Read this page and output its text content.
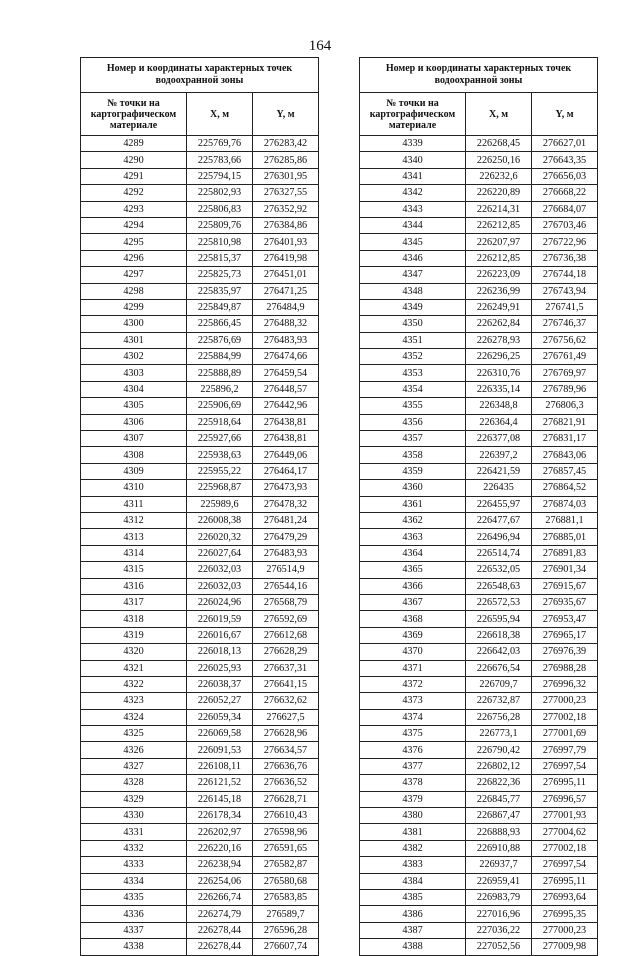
164
Номер и координаты характерных точек водоохранной зоны		
№ точки на картографическом материале	X, м	Y, м
4289	225769,76	276283,42
4290	225783,66	276285,86
4291	225794,15	276301,95
4292	225802,93	276327,55
4293	225806,83	276352,92
4294	225809,76	276384,86
4295	225810,98	276401,93
4296	225815,37	276419,98
4297	225825,73	276451,01
4298	225835,97	276471,25
4299	225849,87	276484,9
4300	225866,45	276488,32
4301	225876,69	276483,93
4302	225884,99	276474,66
4303	225888,89	276459,54
4304	225896,2	276448,57
4305	225906,69	276442,96
4306	225918,64	276438,81
4307	225927,66	276438,81
4308	225938,63	276449,06
4309	225955,22	276464,17
4310	225968,87	276473,93
4311	225989,6	276478,32
4312	226008,38	276481,24
4313	226020,32	276479,29
4314	226027,64	276483,93
4315	226032,03	276514,9
4316	226032,03	276544,16
4317	226024,96	276568,79
4318	226019,59	276592,69
4319	226016,67	276612,68
4320	226018,13	276628,29
4321	226025,93	276637,31
4322	226038,37	276641,15
4323	226052,27	276632,62
4324	226059,34	276627,5
4325	226069,58	276628,96
4326	226091,53	276634,57
4327	226108,11	276636,76
4328	226121,52	276636,52
4329	226145,18	276628,71
4330	226178,34	276610,43
4331	226202,97	276598,96
4332	226220,16	276591,65
4333	226238,94	276582,87
4334	226254,06	276580,68
4335	226266,74	276583,85
4336	226274,79	276589,7
4337	226278,44	276596,28
4338	226278,44	276607,74
Номер и координаты характерных точек водоохранной зоны		
№ точки на картографическом материале	X, м	Y, м
4339	226268,45	276627,01
4340	226250,16	276643,35
4341	226232,6	276656,03
4342	226220,89	276668,22
4343	226214,31	276684,07
4344	226212,85	276703,46
4345	226207,97	276722,96
4346	226212,85	276736,38
4347	226223,09	276744,18
4348	226236,99	276743,94
4349	226249,91	276741,5
4350	226262,84	276746,37
4351	226278,93	276756,62
4352	226296,25	276761,49
4353	226310,76	276769,97
4354	226335,14	276789,96
4355	226348,8	276806,3
4356	226364,4	276821,91
4357	226377,08	276831,17
4358	226397,2	276843,06
4359	226421,59	276857,45
4360	226435	276864,52
4361	226455,97	276874,03
4362	226477,67	276881,1
4363	226496,94	276885,01
4364	226514,74	276891,83
4365	226532,05	276901,34
4366	226548,63	276915,67
4367	226572,53	276935,67
4368	226595,94	276953,47
4369	226618,38	276965,17
4370	226642,03	276976,39
4371	226676,54	276988,28
4372	226709,7	276996,32
4373	226732,87	277000,23
4374	226756,28	277002,18
4375	226773,1	277001,69
4376	226790,42	276997,79
4377	226802,12	276997,54
4378	226822,36	276995,11
4379	226845,77	276996,57
4380	226867,47	277001,93
4381	226888,93	277004,62
4382	226910,88	277002,18
4383	226937,7	276997,54
4384	226959,41	276995,11
4385	226983,79	276993,64
4386	227016,96	276995,35
4387	227036,22	277000,23
4388	227052,56	277009,98
